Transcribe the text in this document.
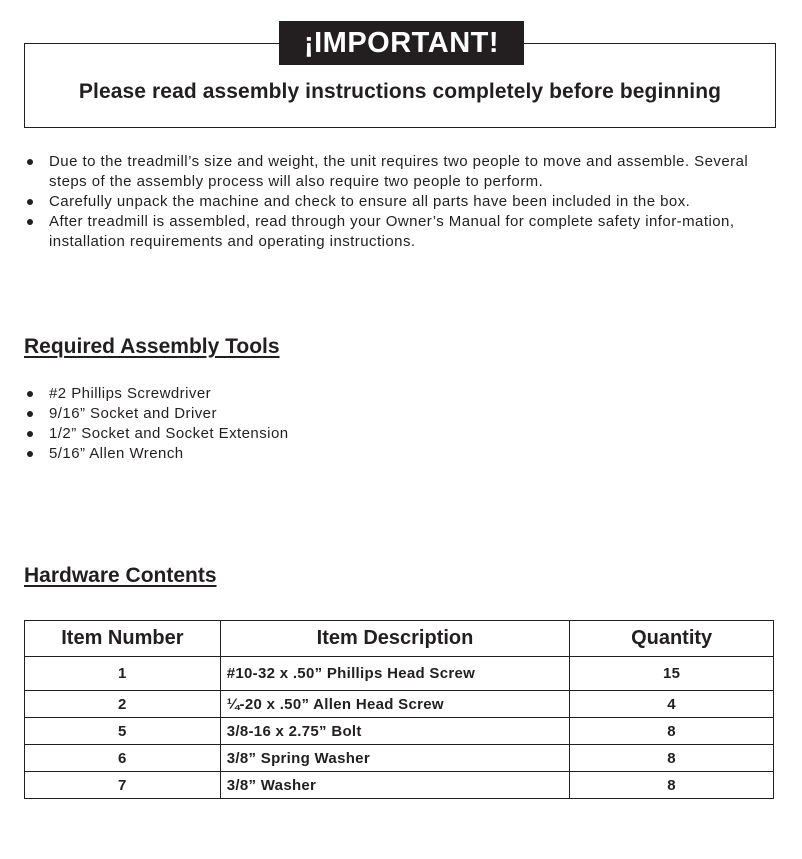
¡IMPORTANT!
Please read assembly instructions completely before beginning
Due to the treadmill’s size and weight, the unit requires two people to move and assemble. Several steps of the assembly process will also require two people to perform.
Carefully unpack the machine and check to ensure all parts have been included in the box.
After treadmill is assembled, read through your Owner’s Manual for complete safety infor-mation, installation requirements and operating instructions.
Required Assembly Tools
#2 Phillips Screwdriver
9/16” Socket and Driver
1/2” Socket and Socket Extension
5/16” Allen Wrench
Hardware Contents
Item Number	Item Description	Quantity
1	#10-32 x .50” Phillips Head Screw	15
2	¼-20 x .50” Allen Head Screw	4
5	3/8-16 x 2.75” Bolt	8
6	3/8” Spring Washer	8
7	3/8” Washer	8
